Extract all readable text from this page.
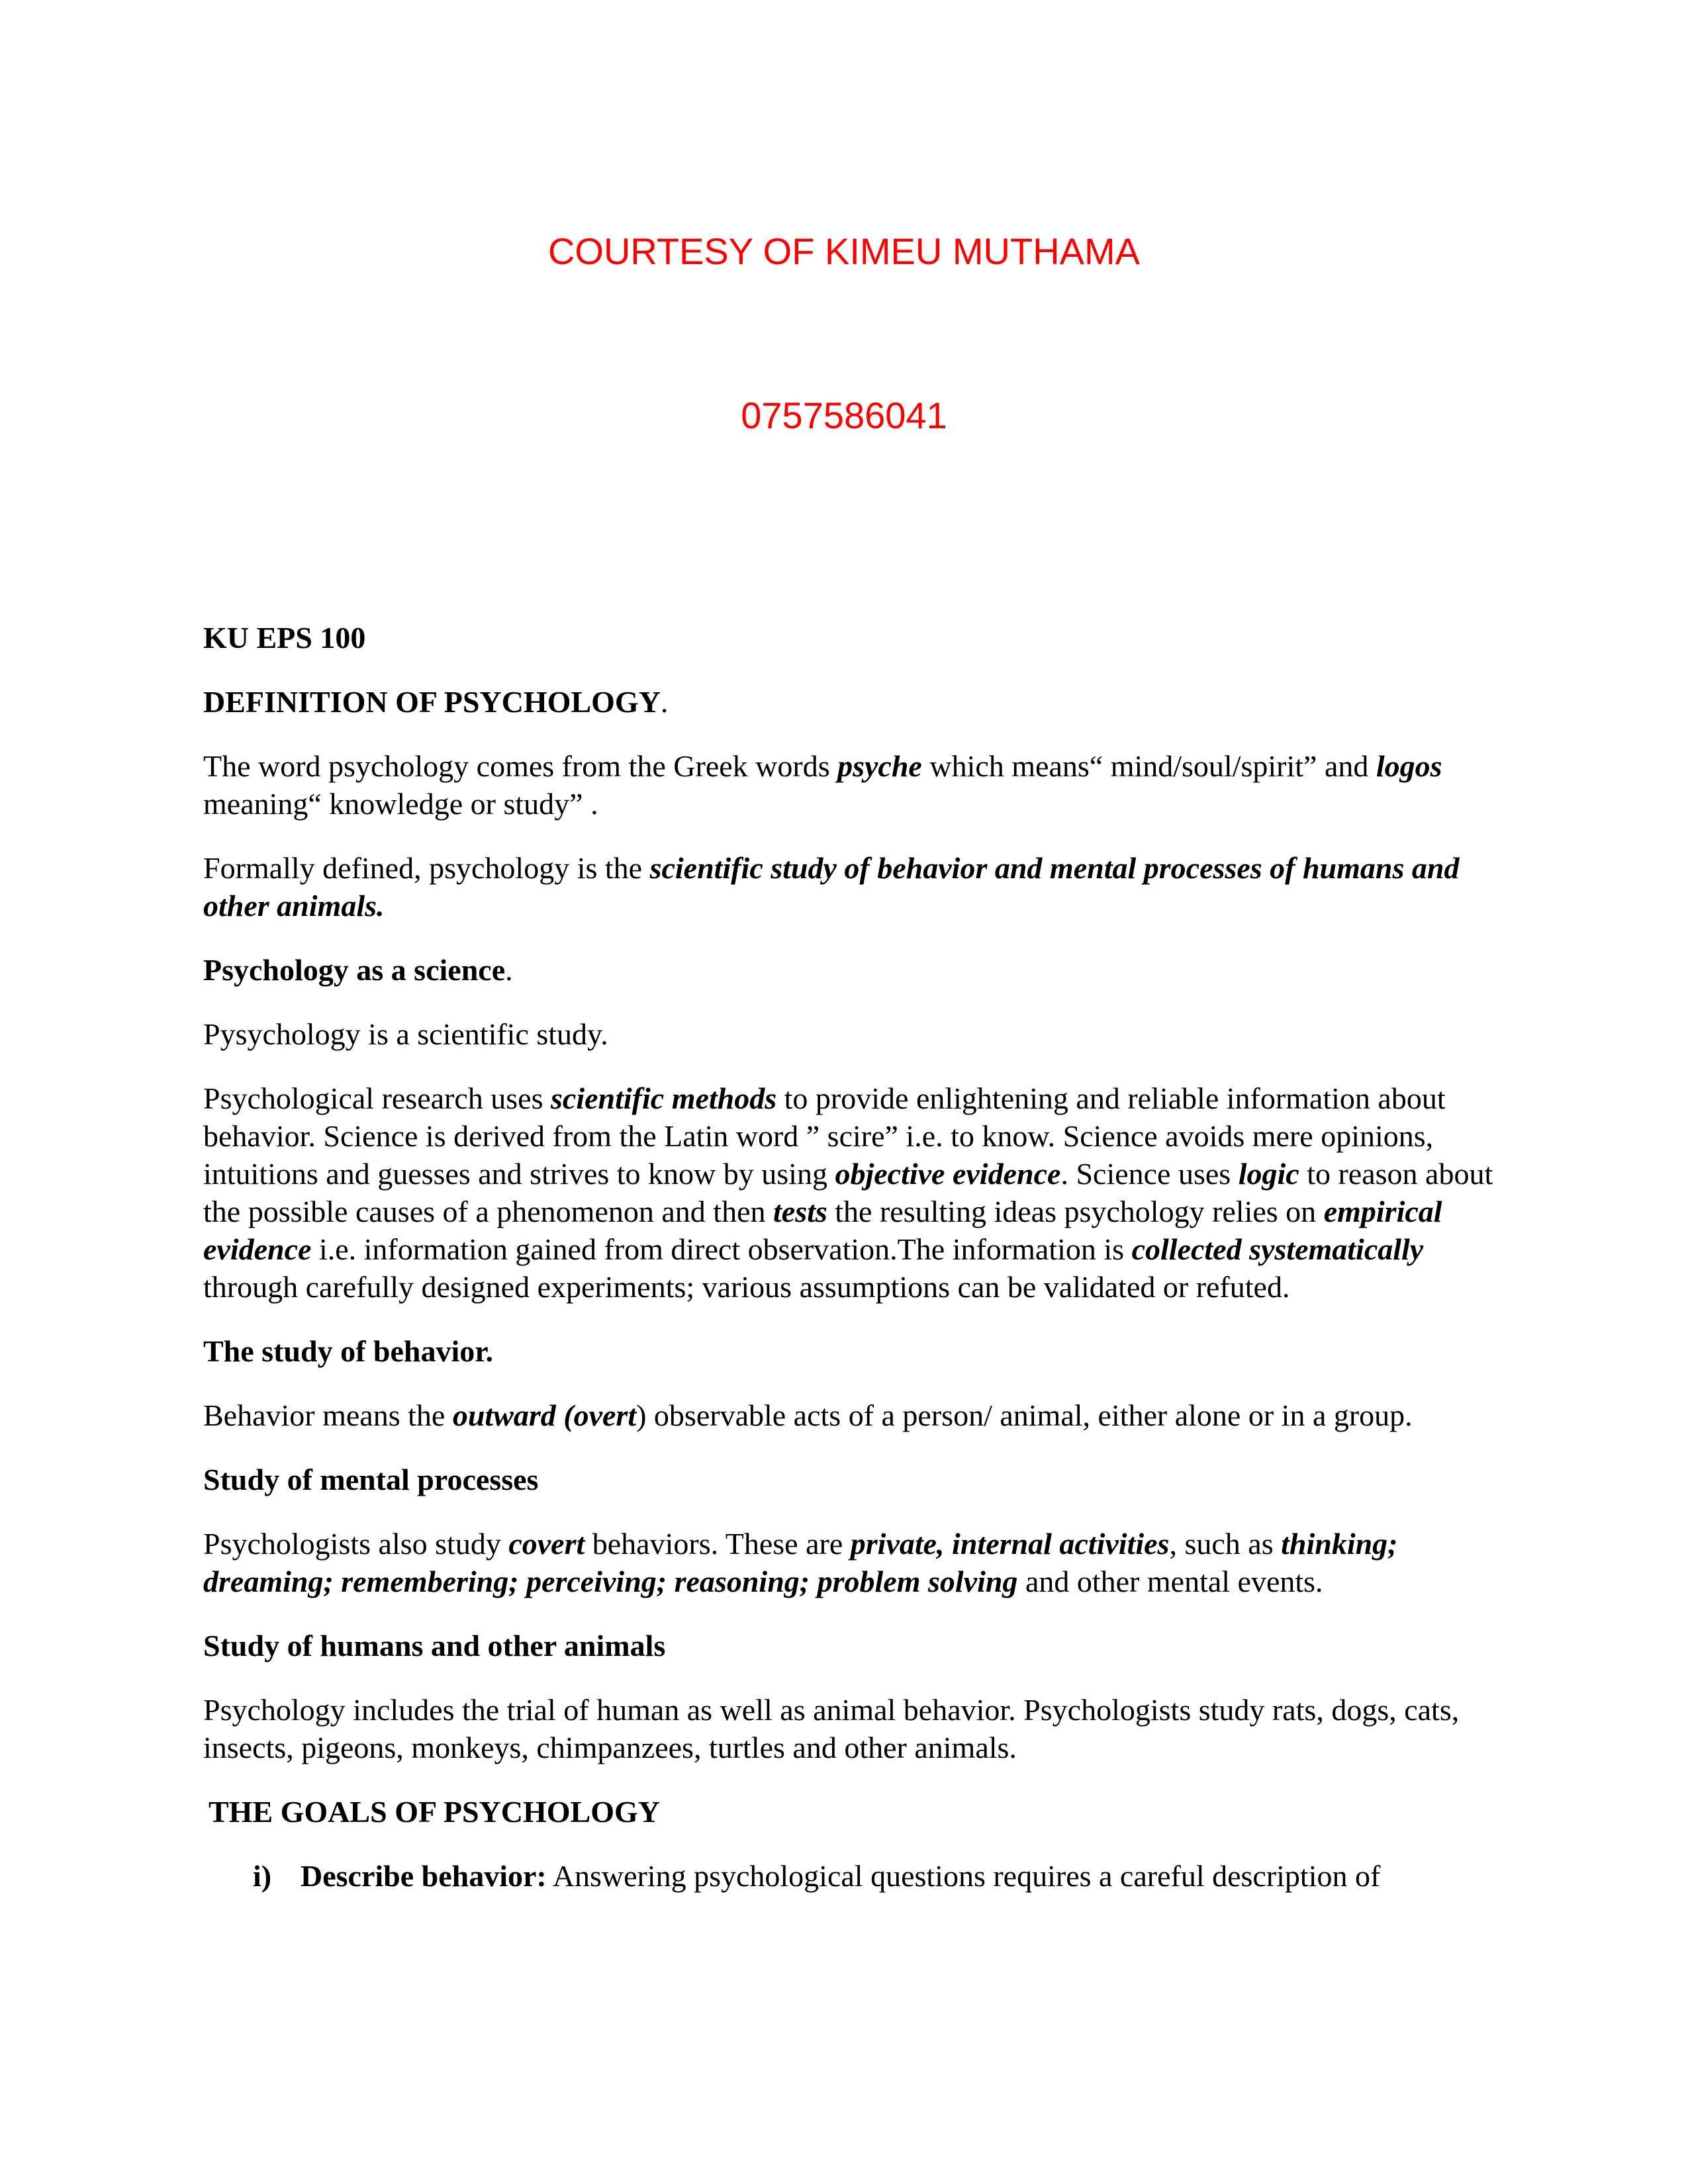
COURTESY OF KIMEU MUTHAMA
0757586041

KU EPS 100

DEFINITION OF PSYCHOLOGY.

The word psychology comes from the Greek words psyche which means“ mind/soul/spirit” and logos meaning“ knowledge or study” .

Formally defined, psychology is the scientific study of behavior and mental processes of humans and other animals.

Psychology as a science.

Pysychology is a scientific study.

Psychological research uses scientific methods to provide enlightening and reliable information about behavior. Science is derived from the Latin word ” scire” i.e. to know. Science avoids mere opinions, intuitions and guesses and strives to know by using objective evidence. Science uses logic to reason about the possible causes of a phenomenon and then tests the resulting ideas psychology relies on empirical evidence i.e. information gained from direct observation.The information is collected systematically through carefully designed experiments; various assumptions can be validated or refuted.

The study of behavior.

Behavior means the outward (overt) observable acts of a person/ animal, either alone or in a group.

Study of mental processes

Psychologists also study covert behaviors. These are private, internal activities, such as thinking; dreaming; remembering; perceiving; reasoning; problem solving and other mental events.

Study of humans and other animals

Psychology includes the trial of human as well as animal behavior. Psychologists study rats, dogs, cats, insects, pigeons, monkeys, chimpanzees, turtles and other animals.

THE GOALS OF PSYCHOLOGY

i) Describe behavior: Answering psychological questions requires a careful description of
